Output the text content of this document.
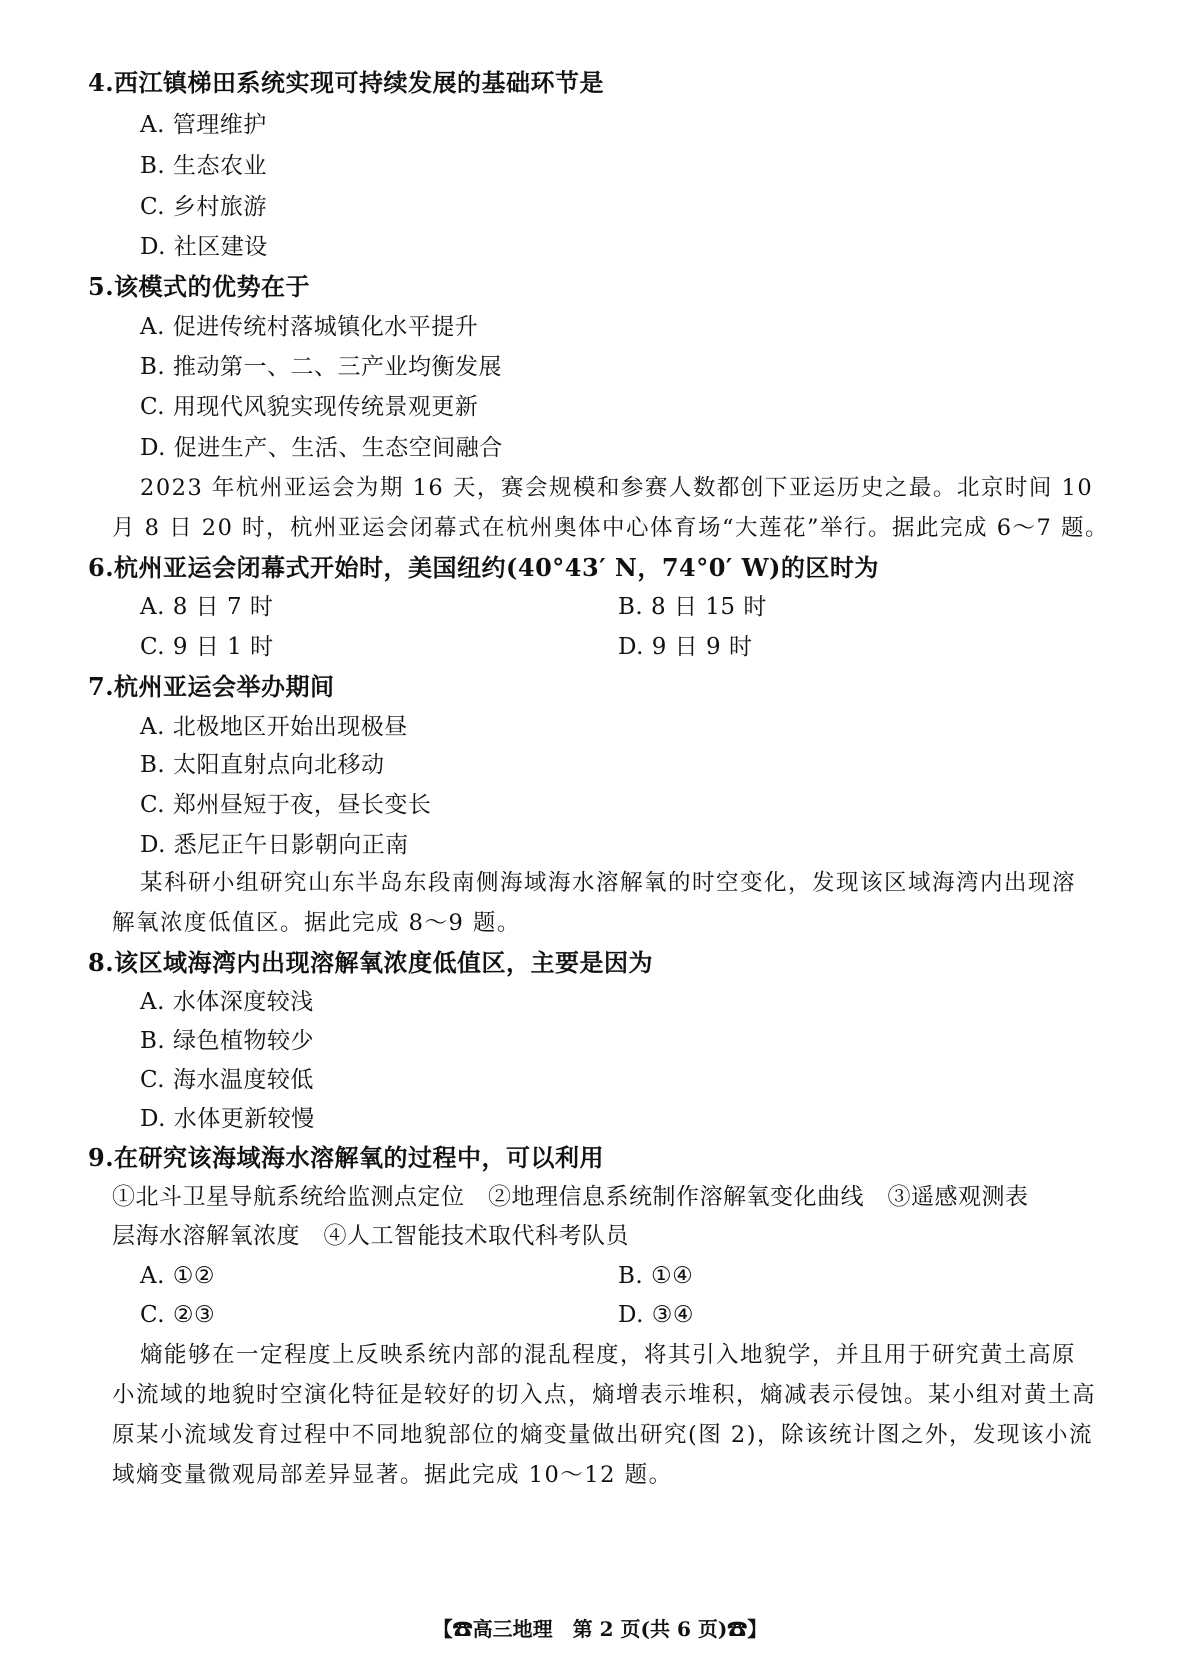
4.西江镇梯田系统实现可持续发展的基础环节是
A. 管理维护
B. 生态农业
C. 乡村旅游
D. 社区建设
5.该模式的优势在于
A. 促进传统村落城镇化水平提升
B. 推动第一、二、三产业均衡发展
C. 用现代风貌实现传统景观更新
D. 促进生产、生活、生态空间融合
2023 年杭州亚运会为期 16 天，赛会规模和参赛人数都创下亚运历史之最。北京时间 10
月 8 日 20 时，杭州亚运会闭幕式在杭州奥体中心体育场“大莲花”举行。据此完成 6～7 题。
6.杭州亚运会闭幕式开始时，美国纽约(40°43′ N，74°0′ W)的区时为
A. 8 日 7 时	B. 8 日 15 时
C. 9 日 1 时	D. 9 日 9 时
7.杭州亚运会举办期间
A. 北极地区开始出现极昼
B. 太阳直射点向北移动
C. 郑州昼短于夜，昼长变长
D. 悉尼正午日影朝向正南
某科研小组研究山东半岛东段南侧海域海水溶解氧的时空变化，发现该区域海湾内出现溶
解氧浓度低值区。据此完成 8～9 题。
8.该区域海湾内出现溶解氧浓度低值区，主要是因为
A. 水体深度较浅
B. 绿色植物较少
C. 海水温度较低
D. 水体更新较慢
9.在研究该海域海水溶解氧的过程中，可以利用
①北斗卫星导航系统给监测点定位　②地理信息系统制作溶解氧变化曲线　③遥感观测表
层海水溶解氧浓度　④人工智能技术取代科考队员
A. ①②	B. ①④
C. ②③	D. ③④
熵能够在一定程度上反映系统内部的混乱程度，将其引入地貌学，并且用于研究黄土高原
小流域的地貌时空演化特征是较好的切入点，熵增表示堆积，熵减表示侵蚀。某小组对黄土高
原某小流域发育过程中不同地貌部位的熵变量做出研究(图 2)，除该统计图之外，发现该小流
域熵变量微观局部差异显著。据此完成 10～12 题。
【☎高三地理　第 2 页(共 6 页)☎】
